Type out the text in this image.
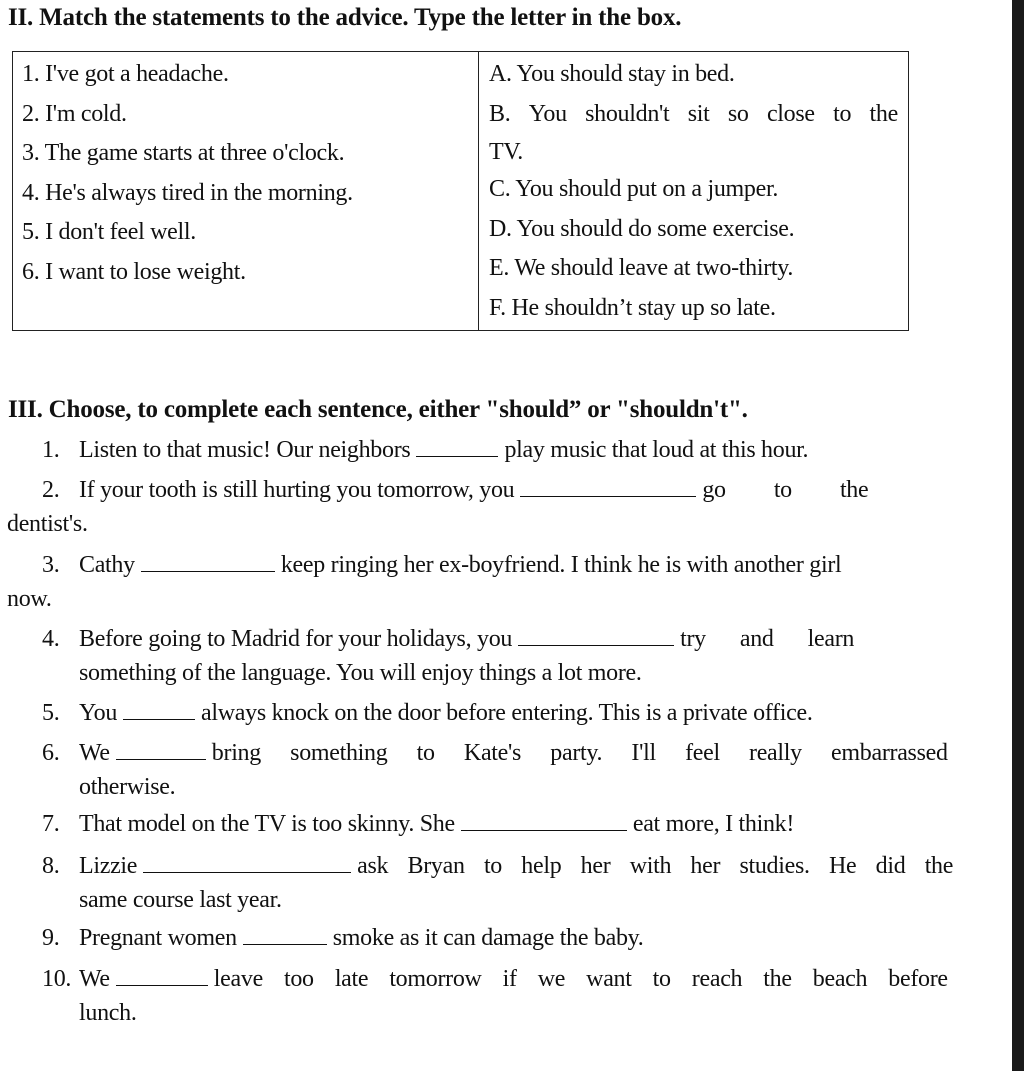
II. Match the statements to the advice. Type the letter in the box.
1. I've got a headache.
2. I'm cold.
3. The game starts at three o'clock.
4. He's always tired in the morning.
5. I don't feel well.
6. I want to lose weight.

A. You should stay in bed.
B. You shouldn't sit so close to the
TV.
C. You should put on a jumper.
D. You should do some exercise.
E. We should leave at two-thirty.
F. He shouldn’t stay up so late.
III. Choose, to complete each sentence, either "should” or "shouldn't".
1. Listen to that music! Our neighbors	play music that loud at this hour.
2. If your tooth is still hurting you tomorrow, you	go to the
dentist's.
3. Cathy	keep ringing her ex-boyfriend. I think he is with another girl
now.
4. Before going to Madrid for your holidays, you	try and learn
something of the language. You will enjoy things a lot more.
5. You	always knock on the door before entering. This is a private office.
6. We	bring something to Kate's party. I'll feel really embarrassed
otherwise.
7. That model on the TV is too skinny. She	eat more, I think!
8. Lizzie	ask Bryan to help her with her studies. He did the
same course last year.
9. Pregnant women	smoke as it can damage the baby.
10. We	leave too late tomorrow if we want to reach the beach before
lunch.
